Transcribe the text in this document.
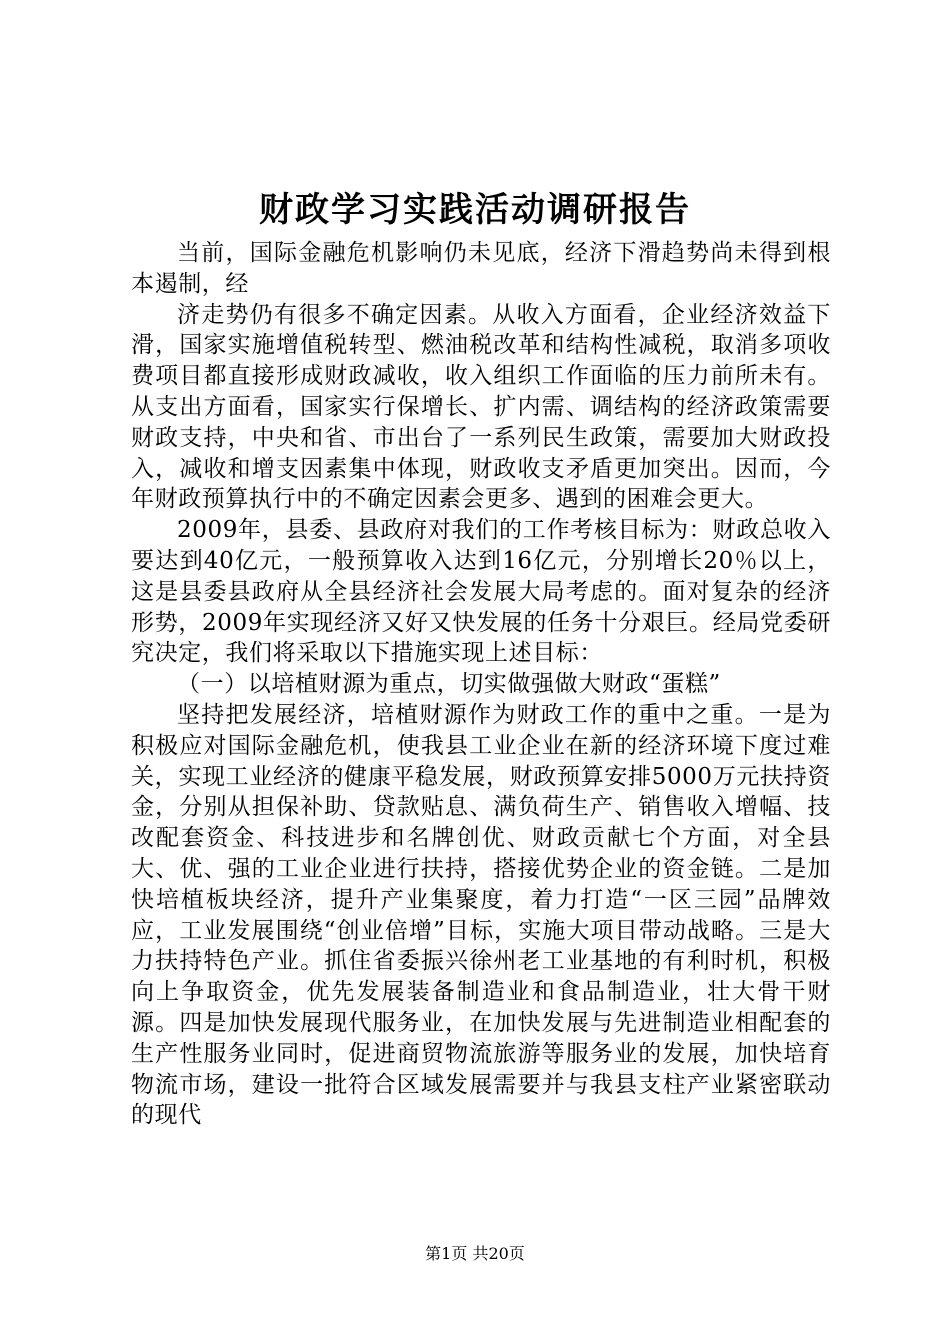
财政学习实践活动调研报告

当前，国际金融危机影响仍未见底，经济下滑趋势尚未得到根本遏制，经

济走势仍有很多不确定因素。从收入方面看，企业经济效益下滑，国家实施增值税转型、燃油税改革和结构性减税，取消多项收费项目都直接形成财政减收，收入组织工作面临的压力前所未有。从支出方面看，国家实行保增长、扩内需、调结构的经济政策需要财政支持，中央和省、市出台了一系列民生政策，需要加大财政投入，减收和增支因素集中体现，财政收支矛盾更加突出。因而，今年财政预算执行中的不确定因素会更多、遇到的困难会更大。

2009年，县委、县政府对我们的工作考核目标为：财政总收入要达到40亿元，一般预算收入达到16亿元，分别增长20％以上，这是县委县政府从全县经济社会发展大局考虑的。面对复杂的经济形势，2009年实现经济又好又快发展的任务十分艰巨。经局党委研究决定，我们将采取以下措施实现上述目标：

（一）以培植财源为重点，切实做强做大财政“蛋糕”

坚持把发展经济，培植财源作为财政工作的重中之重。一是为积极应对国际金融危机，使我县工业企业在新的经济环境下度过难关，实现工业经济的健康平稳发展，财政预算安排5000万元扶持资金，分别从担保补助、贷款贴息、满负荷生产、销售收入增幅、技改配套资金、科技进步和名牌创优、财政贡献七个方面，对全县大、优、强的工业企业进行扶持，搭接优势企业的资金链。二是加快培植板块经济，提升产业集聚度，着力打造“一区三园”品牌效应，工业发展围绕“创业倍增”目标，实施大项目带动战略。三是大力扶持特色产业。抓住省委振兴徐州老工业基地的有利时机，积极向上争取资金，优先发展装备制造业和食品制造业，壮大骨干财源。四是加快发展现代服务业，在加快发展与先进制造业相配套的生产性服务业同时，促进商贸物流旅游等服务业的发展，加快培育物流市场，建设一批符合区域发展需要并与我县支柱产业紧密联动的现代

第1页 共20页
